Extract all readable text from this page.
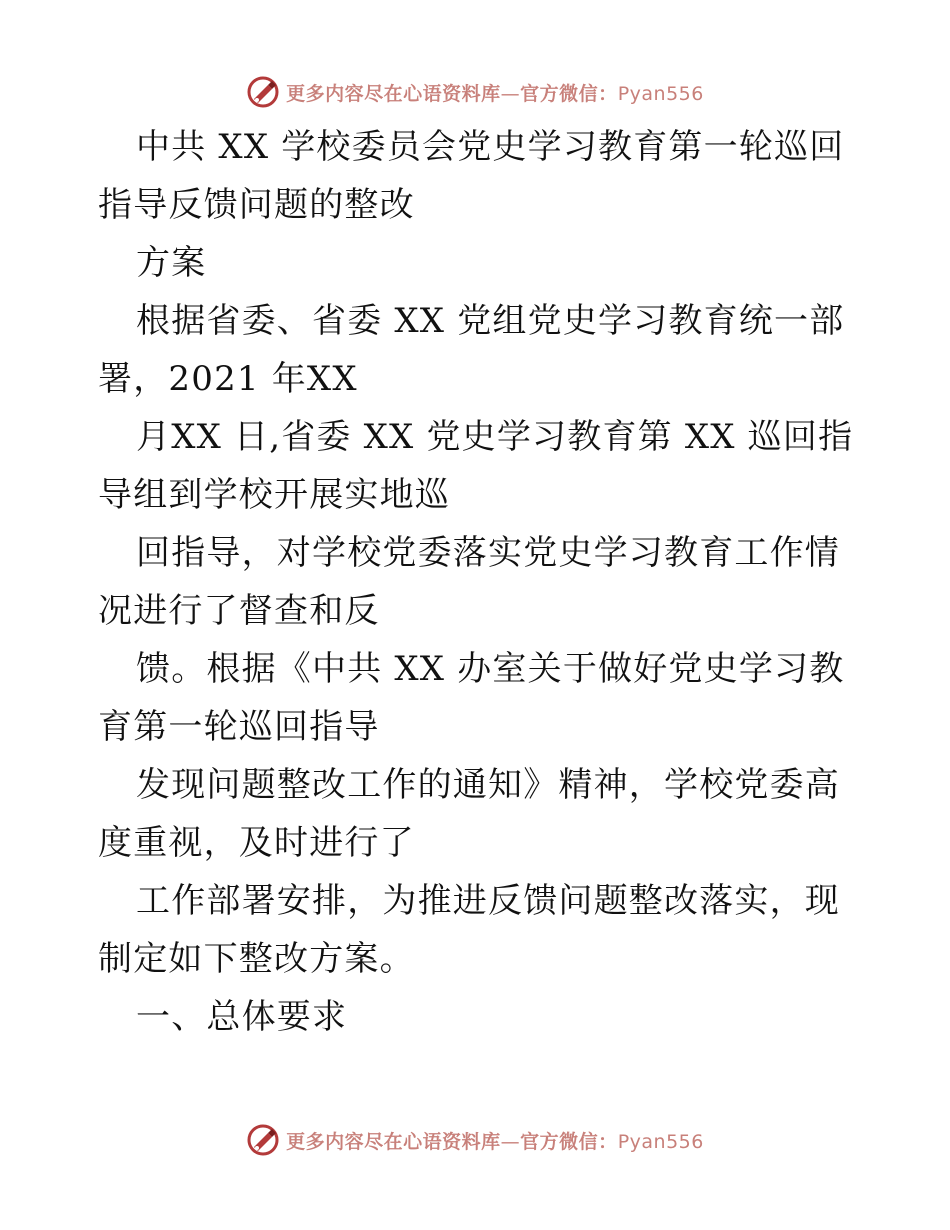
更多内容尽在心语资料库—官方微信：Pyan556

中共 XX 学校委员会党史学习教育第一轮巡回指导反馈问题的整改

方案

根据省委、省委 XX 党组党史学习教育统一部署，2021 年XX

月XX 日,省委 XX 党史学习教育第 XX 巡回指导组到学校开展实地巡

回指导，对学校党委落实党史学习教育工作情况进行了督查和反

馈。根据《中共 XX 办室关于做好党史学习教育第一轮巡回指导

发现问题整改工作的通知》精神，学校党委高度重视，及时进行了

工作部署安排，为推进反馈问题整改落实，现制定如下整改方案。

一、总体要求

更多内容尽在心语资料库—官方微信：Pyan556
